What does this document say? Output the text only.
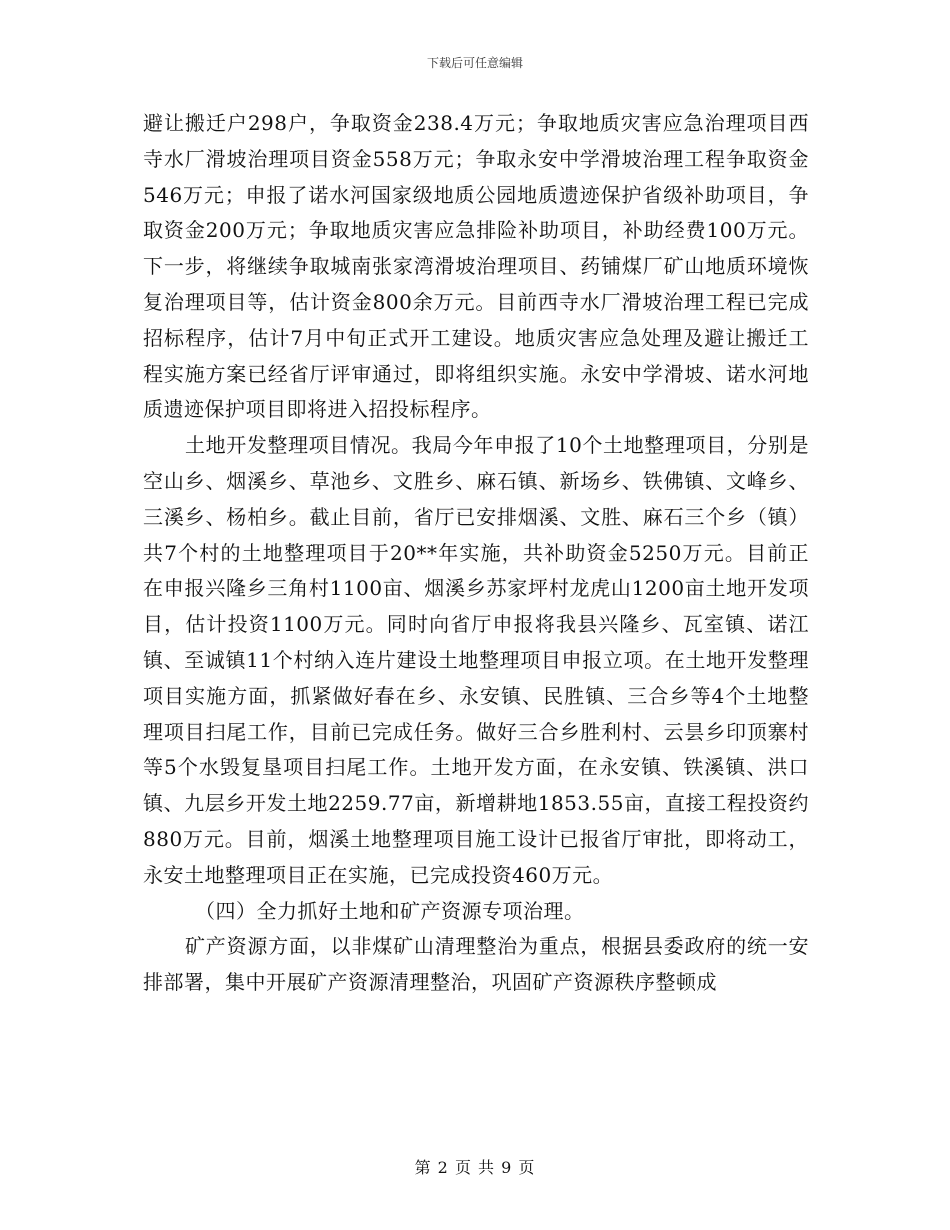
下载后可任意编辑

避让搬迁户298户，争取资金238.4万元；争取地质灾害应急治理项目西寺水厂滑坡治理项目资金558万元；争取永安中学滑坡治理工程争取资金546万元；申报了诺水河国家级地质公园地质遗迹保护省级补助项目，争取资金200万元；争取地质灾害应急排险补助项目，补助经费100万元。下一步，将继续争取城南张家湾滑坡治理项目、药铺煤厂矿山地质环境恢复治理项目等，估计资金800余万元。目前西寺水厂滑坡治理工程已完成招标程序，估计7月中旬正式开工建设。地质灾害应急处理及避让搬迁工程实施方案已经省厅评审通过，即将组织实施。永安中学滑坡、诺水河地质遗迹保护项目即将进入招投标程序。

土地开发整理项目情况。我局今年申报了10个土地整理项目，分别是空山乡、烟溪乡、草池乡、文胜乡、麻石镇、新场乡、铁佛镇、文峰乡、三溪乡、杨柏乡。截止目前，省厅已安排烟溪、文胜、麻石三个乡（镇）共7个村的土地整理项目于20**年实施，共补助资金5250万元。目前正在申报兴隆乡三角村1100亩、烟溪乡苏家坪村龙虎山1200亩土地开发项目，估计投资1100万元。同时向省厅申报将我县兴隆乡、瓦室镇、诺江镇、至诚镇11个村纳入连片建设土地整理项目申报立项。在土地开发整理项目实施方面，抓紧做好春在乡、永安镇、民胜镇、三合乡等4个土地整理项目扫尾工作，目前已完成任务。做好三合乡胜利村、云昙乡印顶寨村等5个水毁复垦项目扫尾工作。土地开发方面，在永安镇、铁溪镇、洪口镇、九层乡开发土地2259.77亩，新增耕地1853.55亩，直接工程投资约880万元。目前，烟溪土地整理项目施工设计已报省厅审批，即将动工，永安土地整理项目正在实施，已完成投资460万元。

（四）全力抓好土地和矿产资源专项治理。

矿产资源方面，以非煤矿山清理整治为重点，根据县委政府的统一安排部署，集中开展矿产资源清理整治，巩固矿产资源秩序整顿成

第 2 页 共 9 页
